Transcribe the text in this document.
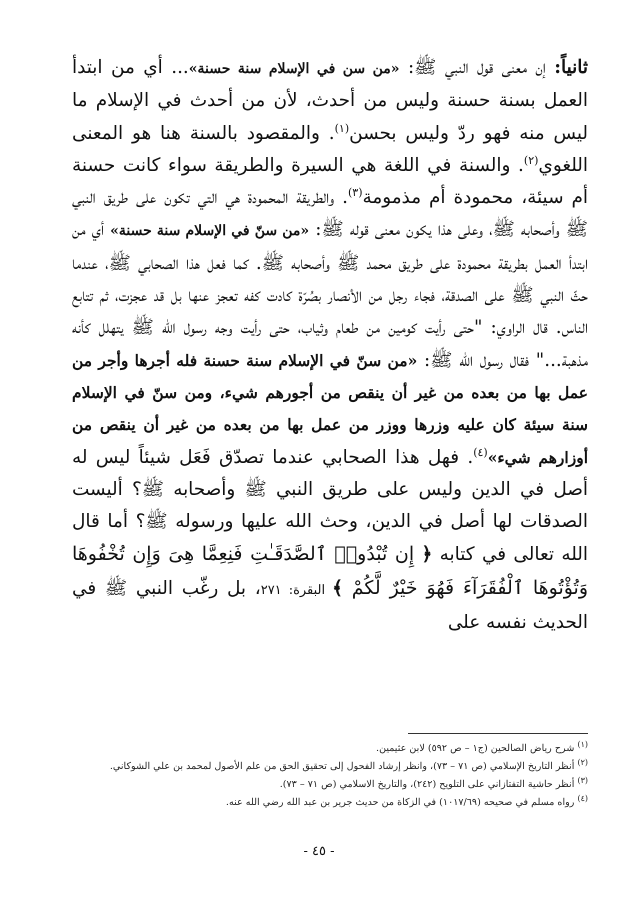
ثانياً: إن معنى قول النبي ﷺ: «من سن في الإسلام سنة حسنة»... أي من ابتدأ العمل بسنة حسنة وليس من أحدث، لأن من أحدث في الإسلام ما ليس منه فهو ردّ وليس بحسن$^{(١)}$. والمقصود بالسنة هنا هو المعنى اللغوي$^{(٢)}$. والسنة في اللغة هي السيرة والطريقة سواء كانت حسنة أم سيئة، محمودة أم مذمومة$^{(٣)}$. والطريقة المحمودة هي التي تكون على طريق النبي ﷺ وأصحابه ﷺ، وعلى هذا يكون معنى قوله ﷺ: «من سنّ في الإسلام سنة حسنة» أي من ابتدأ العمل بطريقة محمودة على طريق محمد ﷺ وأصحابه ﷺ. كما فعل هذا الصحابي ﷺ، عندما حثّ النبي ﷺ على الصدقة، فجاء رجل من الأنصار بصُرّة كادت كفه تعجز عنها بل قد عجزت، ثم تتابع الناس. قال الراوي: "حتى رأيت كومين من طعام وثياب، حتى رأيت وجه رسول الله ﷺ يتهلل كأنه مذهبة..." فقال رسول الله ﷺ: «من سنّ في الإسلام سنة حسنة فله أجرها وأجر من عمل بها من بعده من غير أن ينقص من أجورهم شيء، ومن سنّ في الإسلام سنة سيئة كان عليه وزرها ووزر من عمل بها من بعده من غير أن ينقص من أوزارهم شيء»$^{(٤)}$. فهل هذا الصحابي عندما تصدّق فَعَل شيئاً ليس له أصل في الدين وليس على طريق النبي ﷺ وأصحابه ﷺ؟ أليست الصدقات لها أصل في الدين، وحث الله عليها ورسوله ﷺ؟ أما قال الله تعالى في كتابه ﴿ إِن تُبْدُوا۟ ٱلصَّدَقَـٰتِ فَنِعِمَّا هِىَ وَإِن تُخْفُوهَا وَتُؤْتُوهَا ٱلْفُقَرَآءَ فَهُوَ خَيْرٌ لَّكُمْ ﴾ البقرة: ٢٧١، بل رغّب النبي ﷺ في الحديث نفسه على

$^{(١)}$ شرح رياض الصالحين (ج١ – ص ٥٩٢) لابن عثيمين.

$^{(٢)}$ أنظر التاريخ الإسلامي (ص ٧١ – ٧٣)، وانظر إرشاد الفحول إلى تحقيق الحق من علم الأصول لمحمد بن علي الشوكاني.

$^{(٣)}$ أنظر حاشية التفتازاني على التلويح (٢٤٢)، والتاريخ الاسلامي (ص ٧١ – ٧٣).

$^{(٤)}$ رواه مسلم في صحيحه (١٠١٧/٦٩) في الزكاة من حديث جرير بن عبد الله رضي الله عنه.

- ٤٥ -
